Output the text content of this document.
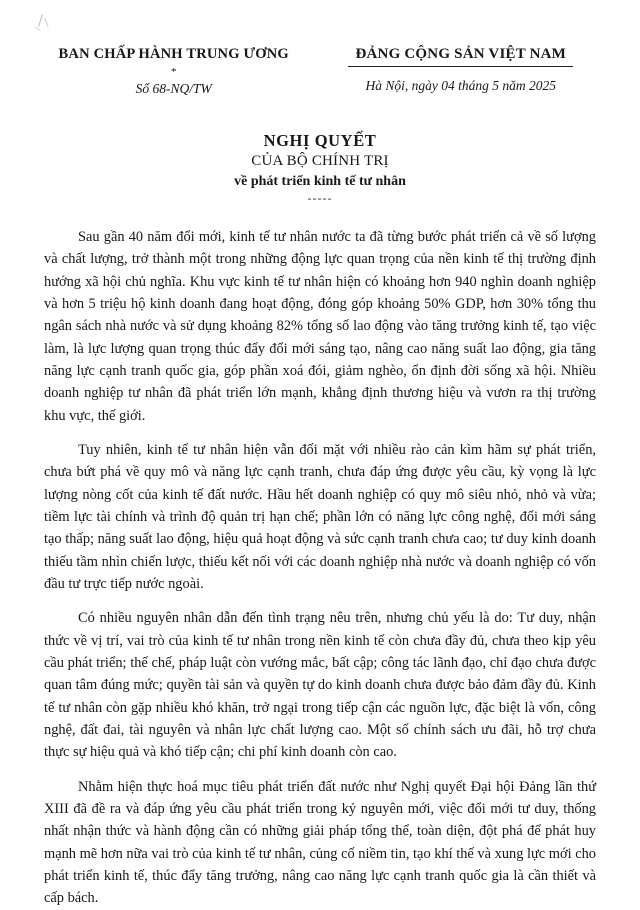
BAN CHẤP HÀNH TRUNG ƯƠNG
*
Số 68-NQ/TW
ĐẢNG CỘNG SẢN VIỆT NAM
Hà Nội, ngày 04 tháng 5 năm 2025
NGHỊ QUYẾT
CỦA BỘ CHÍNH TRỊ
về phát triển kinh tế tư nhân
-----

Sau gần 40 năm đổi mới, kinh tế tư nhân nước ta đã từng bước phát triển cả về số lượng và chất lượng, trở thành một trong những động lực quan trọng của nền kinh tế thị trường định hướng xã hội chủ nghĩa. Khu vực kinh tế tư nhân hiện có khoảng hơn 940 nghìn doanh nghiệp và hơn 5 triệu hộ kinh doanh đang hoạt động, đóng góp khoảng 50% GDP, hơn 30% tổng thu ngân sách nhà nước và sử dụng khoảng 82% tổng số lao động vào tăng trưởng kinh tế, tạo việc làm, là lực lượng quan trọng thúc đẩy đổi mới sáng tạo, nâng cao năng suất lao động, gia tăng năng lực cạnh tranh quốc gia, góp phần xoá đói, giảm nghèo, ổn định đời sống xã hội. Nhiều doanh nghiệp tư nhân đã phát triển lớn mạnh, khẳng định thương hiệu và vươn ra thị trường khu vực, thế giới.

Tuy nhiên, kinh tế tư nhân hiện vẫn đối mặt với nhiều rào cản kìm hãm sự phát triển, chưa bứt phá về quy mô và năng lực cạnh tranh, chưa đáp ứng được yêu cầu, kỳ vọng là lực lượng nòng cốt của kinh tế đất nước. Hầu hết doanh nghiệp có quy mô siêu nhỏ, nhỏ và vừa; tiềm lực tài chính và trình độ quản trị hạn chế; phần lớn có năng lực công nghệ, đổi mới sáng tạo thấp; năng suất lao động, hiệu quả hoạt động và sức cạnh tranh chưa cao; tư duy kinh doanh thiếu tầm nhìn chiến lược, thiếu kết nối với các doanh nghiệp nhà nước và doanh nghiệp có vốn đầu tư trực tiếp nước ngoài.

Có nhiều nguyên nhân dẫn đến tình trạng nêu trên, nhưng chủ yếu là do: Tư duy, nhận thức về vị trí, vai trò của kinh tế tư nhân trong nền kinh tế còn chưa đầy đủ, chưa theo kịp yêu cầu phát triển; thể chế, pháp luật còn vướng mắc, bất cập; công tác lãnh đạo, chỉ đạo chưa được quan tâm đúng mức; quyền tài sản và quyền tự do kinh doanh chưa được bảo đảm đầy đủ. Kinh tế tư nhân còn gặp nhiều khó khăn, trở ngại trong tiếp cận các nguồn lực, đặc biệt là vốn, công nghệ, đất đai, tài nguyên và nhân lực chất lượng cao. Một số chính sách ưu đãi, hỗ trợ chưa thực sự hiệu quả và khó tiếp cận; chi phí kinh doanh còn cao.

Nhằm hiện thực hoá mục tiêu phát triển đất nước như Nghị quyết Đại hội Đảng lần thứ XIII đã đề ra và đáp ứng yêu cầu phát triển trong kỷ nguyên mới, việc đổi mới tư duy, thống nhất nhận thức và hành động cần có những giải pháp tổng thể, toàn diện, đột phá để phát huy mạnh mẽ hơn nữa vai trò của kinh tế tư nhân, củng cố niềm tin, tạo khí thế và xung lực mới cho phát triển kinh tế, thúc đẩy tăng trưởng, nâng cao năng lực cạnh tranh quốc gia là cần thiết và cấp bách.
